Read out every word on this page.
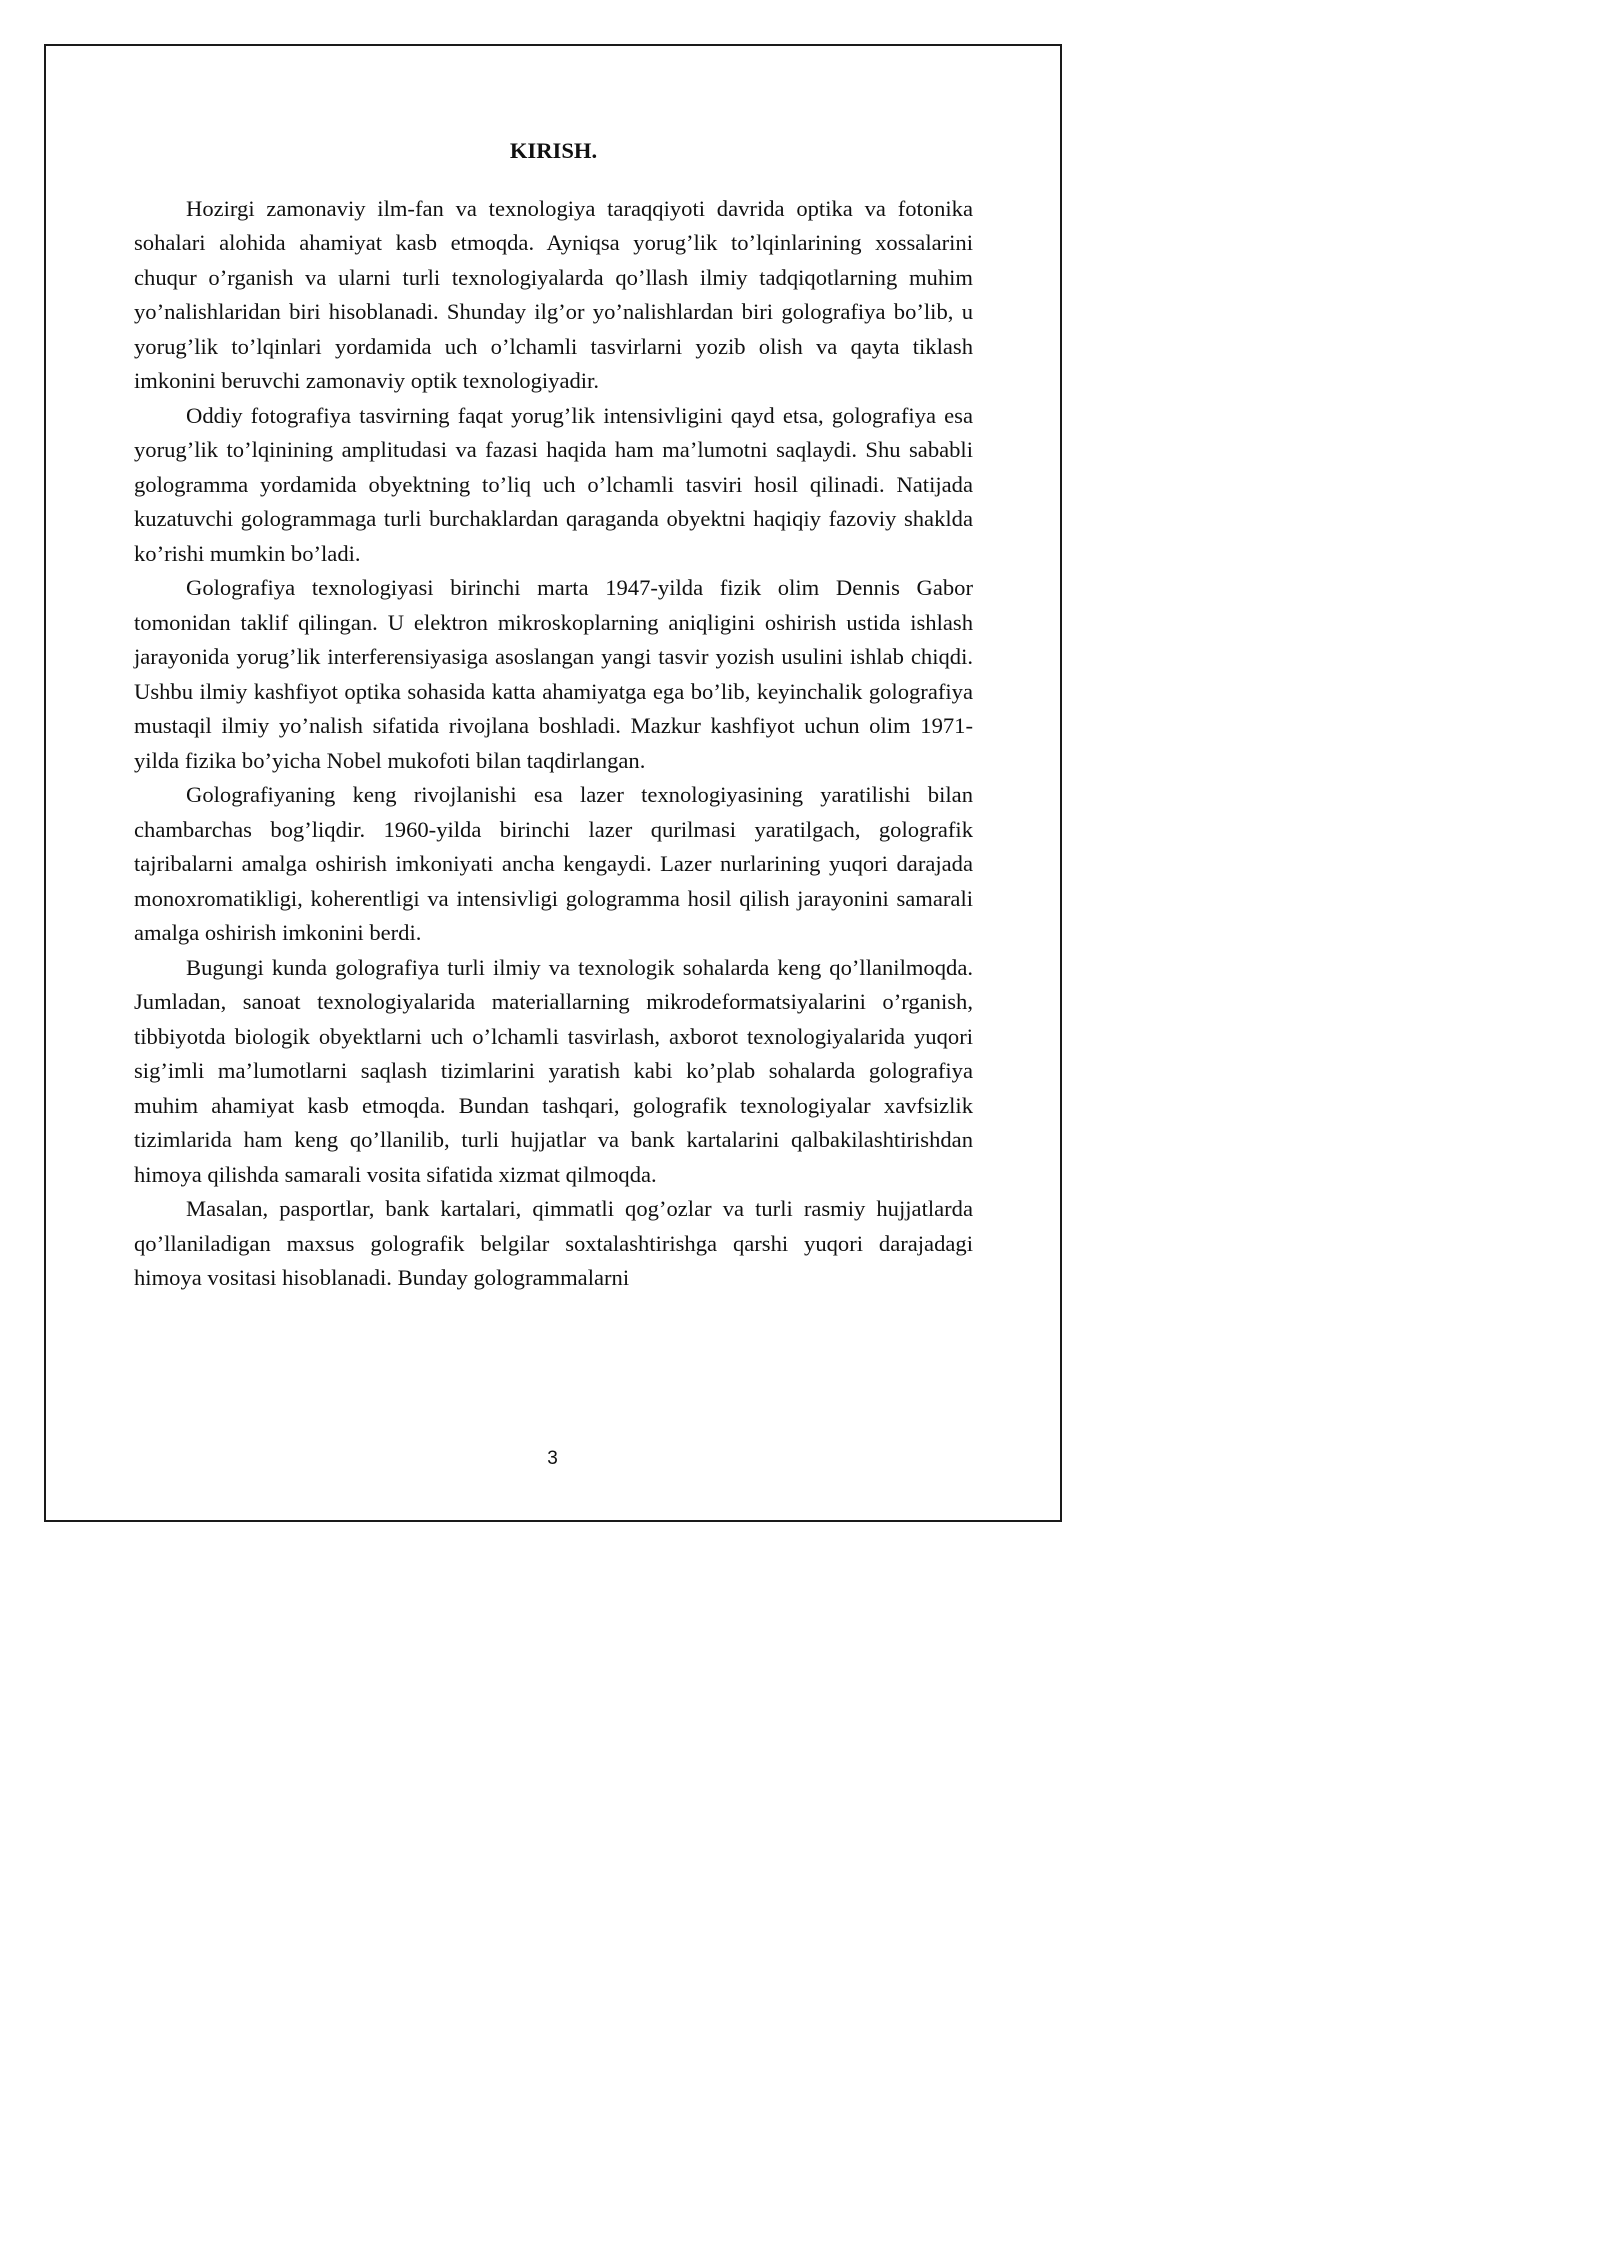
KIRISH.

Hozirgi zamonaviy ilm-fan va texnologiya taraqqiyoti davrida optika va fotonika sohalari alohida ahamiyat kasb etmoqda. Ayniqsa yorug’lik to’lqinlarining xossalarini chuqur o’rganish va ularni turli texnologiyalarda qo’llash ilmiy tadqiqotlarning muhim yo’nalishlaridan biri hisoblanadi. Shunday ilg’or yo’nalishlardan biri golografiya bo’lib, u yorug’lik to’lqinlari yordamida uch o’lchamli tasvirlarni yozib olish va qayta tiklash imkonini beruvchi zamonaviy optik texnologiyadir.

Oddiy fotografiya tasvirning faqat yorug’lik intensivligini qayd etsa, golografiya esa yorug’lik to’lqinining amplitudasi va fazasi haqida ham ma’lumotni saqlaydi. Shu sababli gologramma yordamida obyektning to’liq uch o’lchamli tasviri hosil qilinadi. Natijada kuzatuvchi gologrammaga turli burchaklardan qaraganda obyektni haqiqiy fazoviy shaklda ko’rishi mumkin bo’ladi.

Golografiya texnologiyasi birinchi marta 1947-yilda fizik olim Dennis Gabor tomonidan taklif qilingan. U elektron mikroskoplarning aniqligini oshirish ustida ishlash jarayonida yorug’lik interferensiyasiga asoslangan yangi tasvir yozish usulini ishlab chiqdi. Ushbu ilmiy kashfiyot optika sohasida katta ahamiyatga ega bo’lib, keyinchalik golografiya mustaqil ilmiy yo’nalish sifatida rivojlana boshladi. Mazkur kashfiyot uchun olim 1971-yilda fizika bo’yicha Nobel mukofoti bilan taqdirlangan.

Golografiyaning keng rivojlanishi esa lazer texnologiyasining yaratilishi bilan chambarchas bog’liqdir. 1960-yilda birinchi lazer qurilmasi yaratilgach, golografik tajribalarni amalga oshirish imkoniyati ancha kengaydi. Lazer nurlarining yuqori darajada monoxromatikligi, koherentligi va intensivligi gologramma hosil qilish jarayonini samarali amalga oshirish imkonini berdi.

Bugungi kunda golografiya turli ilmiy va texnologik sohalarda keng qo’llanilmoqda. Jumladan, sanoat texnologiyalarida materiallarning mikrodeformatsiyalarini o’rganish, tibbiyotda biologik obyektlarni uch o’lchamli tasvirlash, axborot texnologiyalarida yuqori sig’imli ma’lumotlarni saqlash tizimlarini yaratish kabi ko’plab sohalarda golografiya muhim ahamiyat kasb etmoqda. Bundan tashqari, golografik texnologiyalar xavfsizlik tizimlarida ham keng qo’llanilib, turli hujjatlar va bank kartalarini qalbakilashtirishdan himoya qilishda samarali vosita sifatida xizmat qilmoqda.

Masalan, pasportlar, bank kartalari, qimmatli qog’ozlar va turli rasmiy hujjatlarda qo’llaniladigan maxsus golografik belgilar soxtalashtirishga qarshi yuqori darajadagi himoya vositasi hisoblanadi. Bunday gologrammalarni

3
